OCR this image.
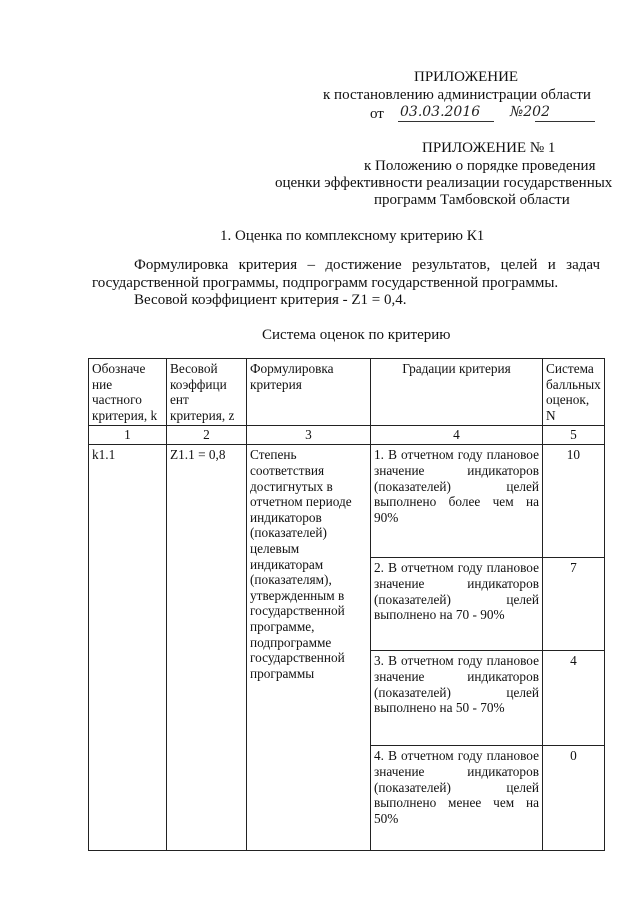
ПРИЛОЖЕНИЕ
к постановлению администрации области
от 03.03.2016 №202
ПРИЛОЖЕНИЕ № 1
к Положению о порядке проведения
оценки эффективности реализации государственных
программ Тамбовской области
1. Оценка по комплексному критерию К1
Формулировка критерия – достижение результатов, целей и задач государственной программы, подпрограмм государственной программы.
Весовой коэффициент критерия - Z1 = 0,4.
Система оценок по критерию
Обозначе ние частного критерия, k	Весовой коэффици ент критерия, z	Формулировка критерия	Градации критерия	Система балльных оценок, N

1	2	3	4	5
k1.1	Z1.1 = 0,8	Степень соответствия достигнутых в отчетном периоде индикаторов (показателей) целевым индикаторам (показателям), утвержденным в государственной программе, подпрограмме государственной программы	1. В отчетном году плановое значение индикаторов (показателей) целей выполнено более чем на 90%	10

			2. В отчетном году плановое значение индикаторов (показателей) целей выполнено на 70 - 90%	7

			3. В отчетном году плановое значение индикаторов (показателей) целей выполнено на 50 - 70%	4

			4. В отчетном году плановое значение индикаторов (показателей) целей выполнено менее чем на 50%	0
